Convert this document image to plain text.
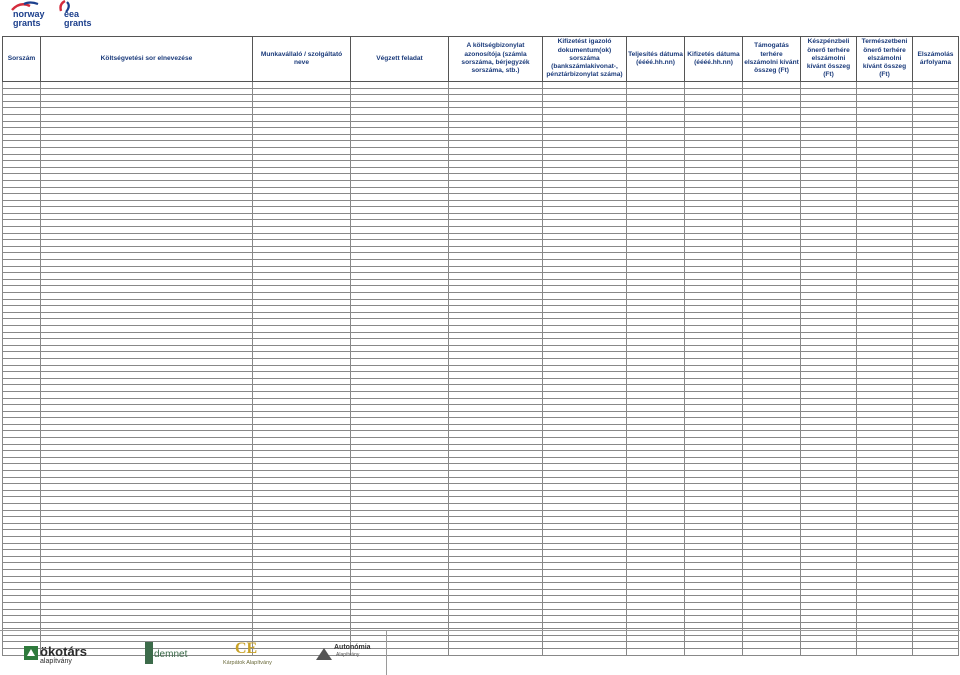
norway grants
eea grants
Sorszám	Költségvetési sor elnevezése	Munkavállaló / szolgáltató neve	Végzett feladat	A költségbizonylat azonosítója (számla sorszáma, bérjegyzék sorszáma, stb.)	Kifizetést igazoló dokumentum(ok) sorszáma (bankszámlakivonat-, pénztárbizonylat száma)	Teljesítés dátuma (éééé.hh.nn)	Kifizetés dátuma (éééé.hh.nn)	Támogatás terhére elszámolni kívánt összeg (Ft)	Készpénzbeli önerő terhére elszámolni kívánt összeg (Ft)	Természetbeni önerő terhére elszámolni kívánt összeg (Ft)	Elszámolás árfolyama

ökotárs
alapítvány
demnet	CE
Kárpátok Alapítvány
Autonómia
Alapítvány
